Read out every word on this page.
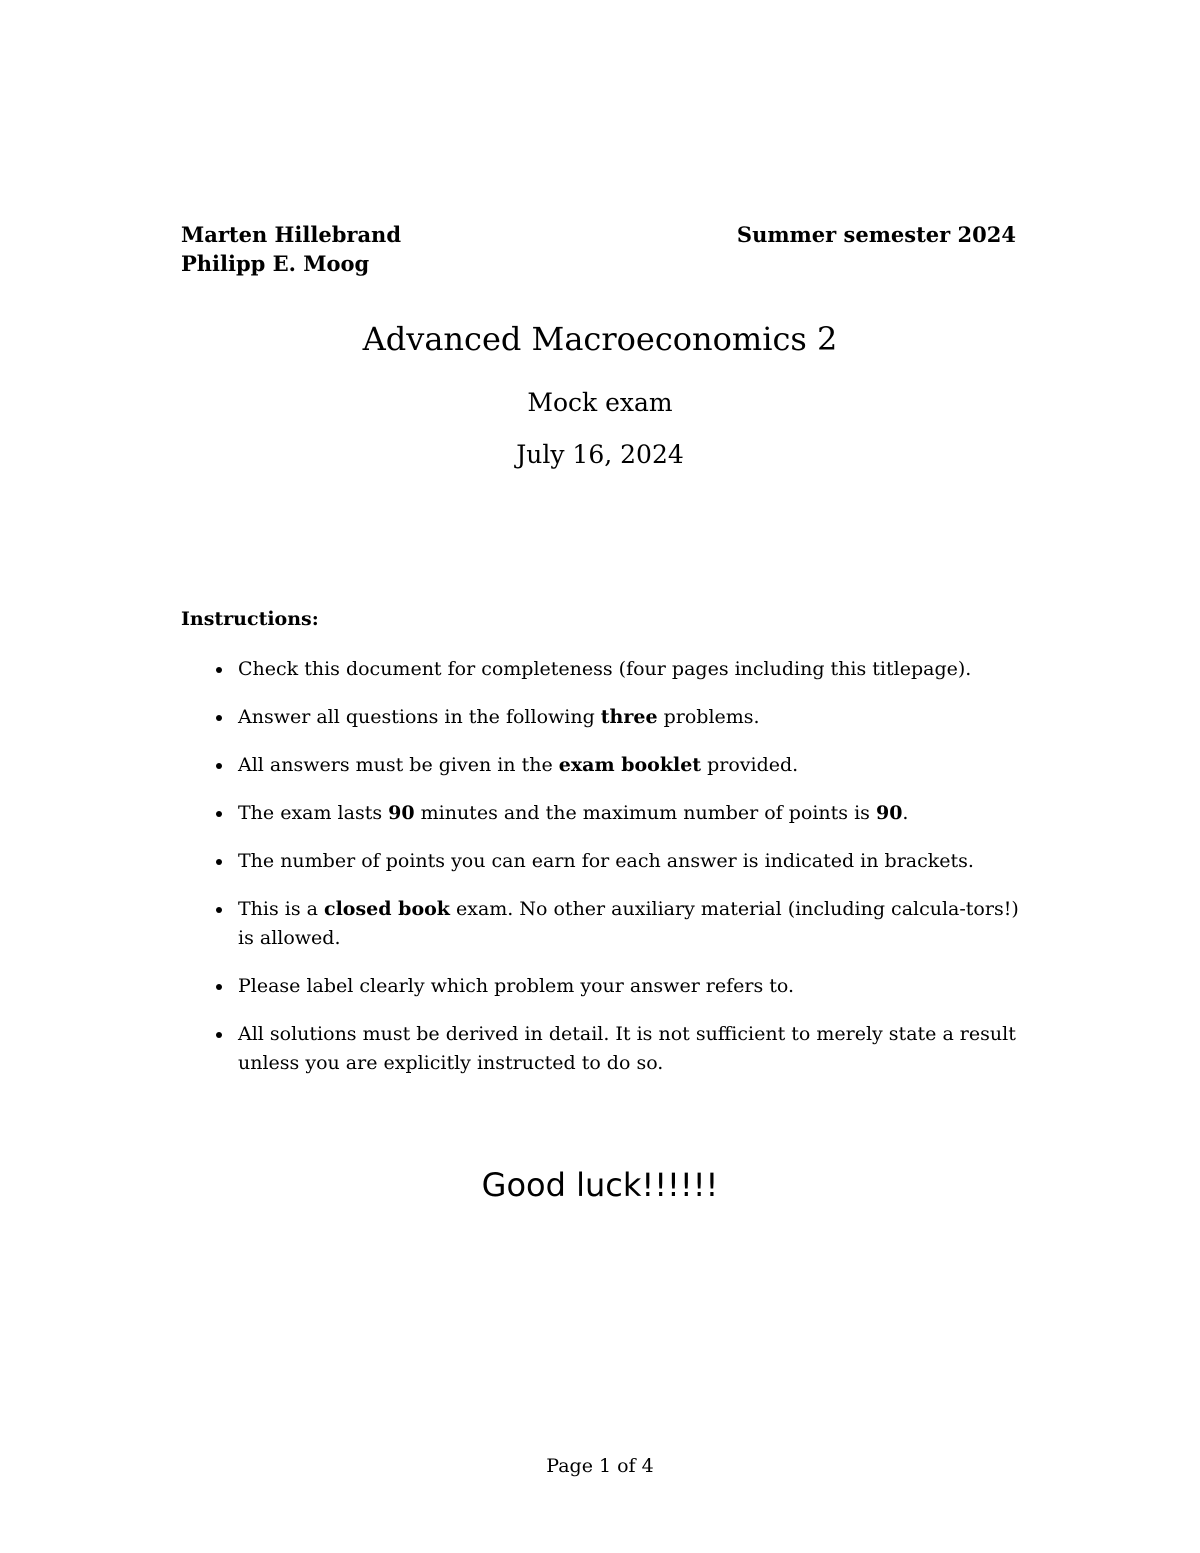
Marten Hillebrand
Philipp E. Moog
Summer semester 2024
Advanced Macroeconomics 2
Mock exam
July 16, 2024
Instructions:
Check this document for completeness (four pages including this titlepage).
Answer all questions in the following three problems.
All answers must be given in the exam booklet provided.
The exam lasts 90 minutes and the maximum number of points is 90.
The number of points you can earn for each answer is indicated in brackets.
This is a closed book exam. No other auxiliary material (including calcula-tors!) is allowed.
Please label clearly which problem your answer refers to.
All solutions must be derived in detail. It is not sufficient to merely state a result unless you are explicitly instructed to do so.
Good luck!!!!!!
Page 1 of 4
